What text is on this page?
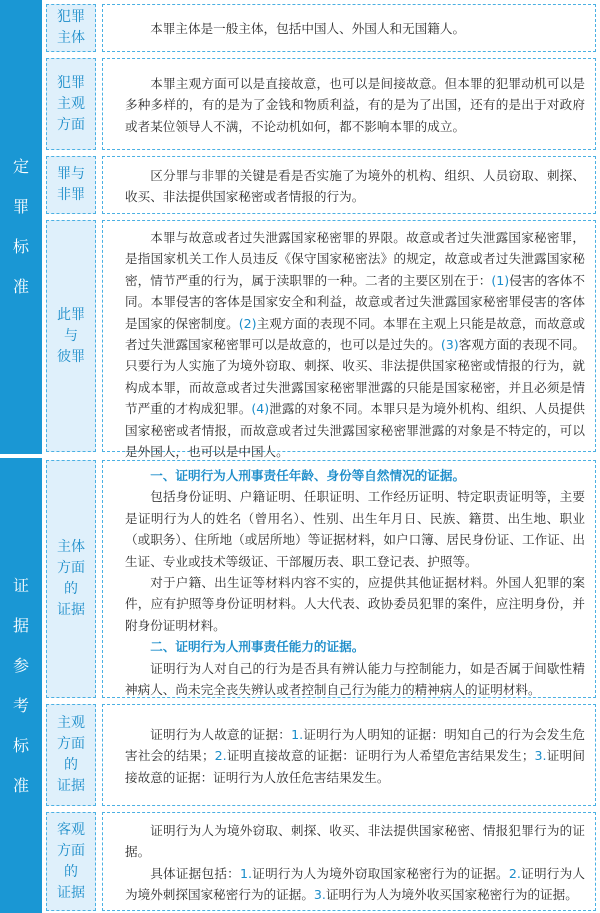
定
罪
标
准
证
据
参
考
标
准
犯罪
主体

本罪主体是一般主体，包括中国人、外国人和无国籍人。

犯罪
主观
方面

本罪主观方面可以是直接故意，也可以是间接故意。但本罪的犯罪动机可以是多种多样的，有的是为了金钱和物质利益，有的是为了出国，还有的是出于对政府或者某位领导人不满，不论动机如何，都不影响本罪的成立。

罪与
非罪

区分罪与非罪的关键是看是否实施了为境外的机构、组织、人员窃取、刺探、收买、非法提供国家秘密或者情报的行为。

此罪
与
彼罪

本罪与故意或者过失泄露国家秘密罪的界限。故意或者过失泄露国家秘密罪，是指国家机关工作人员违反《保守国家秘密法》的规定，故意或者过失泄露国家秘密，情节严重的行为，属于渎职罪的一种。二者的主要区别在于：(1)侵害的客体不同。本罪侵害的客体是国家安全和利益，故意或者过失泄露国家秘密罪侵害的客体是国家的保密制度。(2)主观方面的表现不同。本罪在主观上只能是故意，而故意或者过失泄露国家秘密罪可以是故意的，也可以是过失的。(3)客观方面的表现不同。只要行为人实施了为境外窃取、刺探、收买、非法提供国家秘密或情报的行为，就构成本罪，而故意或者过失泄露国家秘密罪泄露的只能是国家秘密，并且必须是情节严重的才构成犯罪。(4)泄露的对象不同。本罪只是为境外机构、组织、人员提供国家秘密或者情报，而故意或者过失泄露国家秘密罪泄露的对象是不特定的，可以是外国人，也可以是中国人。

主体
方面
的
证据

一、证明行为人刑事责任年龄、身份等自然情况的证据。

包括身份证明、户籍证明、任职证明、工作经历证明、特定职责证明等，主要是证明行为人的姓名（曾用名）、性别、出生年月日、民族、籍贯、出生地、职业（或职务）、住所地（或居所地）等证据材料，如户口簿、居民身份证、工作证、出生证、专业或技术等级证、干部履历表、职工登记表、护照等。

对于户籍、出生证等材料内容不实的，应提供其他证据材料。外国人犯罪的案件，应有护照等身份证明材料。人大代表、政协委员犯罪的案件，应注明身份，并附身份证明材料。

二、证明行为人刑事责任能力的证据。

证明行为人对自己的行为是否具有辨认能力与控制能力，如是否属于间歇性精神病人、尚未完全丧失辨认或者控制自己行为能力的精神病人的证明材料。

主观
方面
的
证据

证明行为人故意的证据：1.证明行为人明知的证据：明知自己的行为会发生危害社会的结果；2.证明直接故意的证据：证明行为人希望危害结果发生；3.证明间接故意的证据：证明行为人放任危害结果发生。

客观
方面
的
证据

证明行为人为境外窃取、刺探、收买、非法提供国家秘密、情报犯罪行为的证据。

具体证据包括：1.证明行为人为境外窃取国家秘密行为的证据。2.证明行为人为境外刺探国家秘密行为的证据。3.证明行为人为境外收买国家秘密行为的证据。
